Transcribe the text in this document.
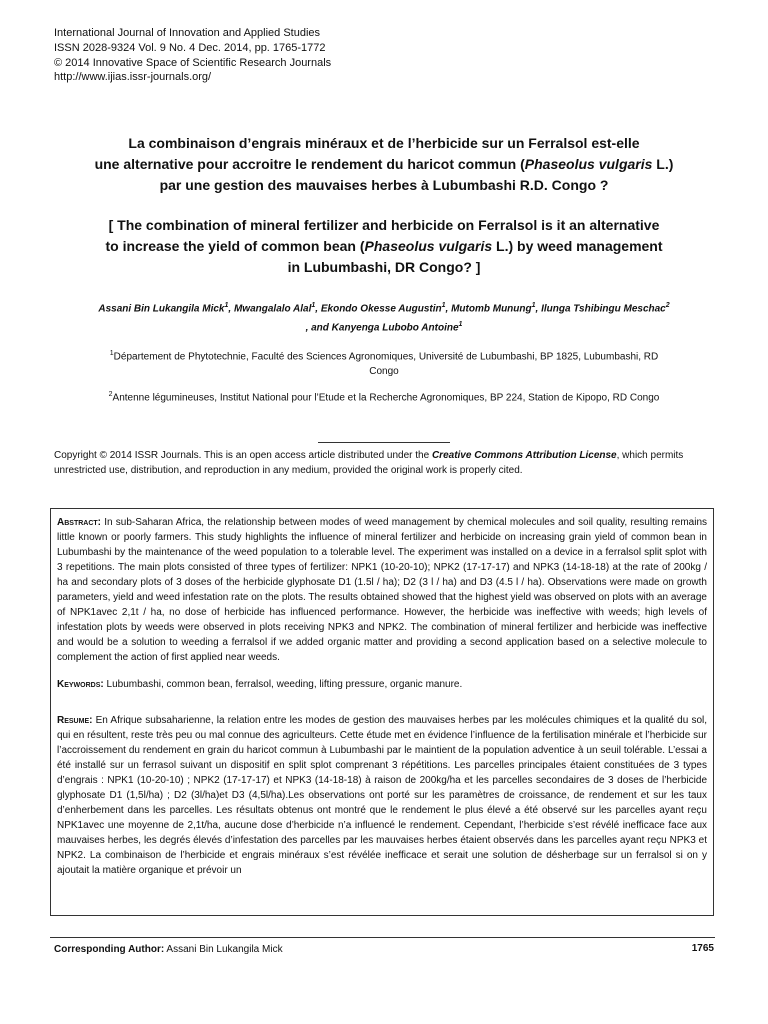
International Journal of Innovation and Applied Studies
ISSN 2028-9324 Vol. 9 No. 4 Dec. 2014, pp. 1765-1772
© 2014 Innovative Space of Scientific Research Journals
http://www.ijias.issr-journals.org/
La combinaison d’engrais minéraux et de l’herbicide sur un Ferralsol est-elle
une alternative pour accroitre le rendement du haricot commun (Phaseolus vulgaris L.)
par une gestion des mauvaises herbes à Lubumbashi R.D. Congo ?
[ The combination of mineral fertilizer and herbicide on Ferralsol is it an alternative
to increase the yield of common bean (Phaseolus vulgaris L.) by weed management
in Lubumbashi, DR Congo? ]
Assani Bin Lukangila Mick$^1$, Mwangalalo Alal$^1$, Ekondo Okesse Augustin$^1$, Mutomb Munung$^1$, Ilunga Tshibingu Meschac$^2$
, and Kanyenga Lubobo Antoine$^1$
$^1$Département de Phytotechnie, Faculté des Sciences Agronomiques, Université de Lubumbashi, BP 1825, Lubumbashi, RD
Congo
$^2$Antenne légumineuses, Institut National pour l’Etude et la Recherche Agronomiques, BP 224, Station de Kipopo, RD Congo
Copyright © 2014 ISSR Journals. This is an open access article distributed under the Creative Commons Attribution License, which permits unrestricted use, distribution, and reproduction in any medium, provided the original work is properly cited.

Abstract: In sub-Saharan Africa, the relationship between modes of weed management by chemical molecules and soil quality, resulting remains little known or poorly farmers. This study highlights the influence of mineral fertilizer and herbicide on increasing grain yield of common bean in Lubumbashi by the maintenance of the weed population to a tolerable level. The experiment was installed on a device in a ferralsol split splot with 3 repetitions. The main plots consisted of three types of fertilizer: NPK1 (10-20-10); NPK2 (17-17-17) and NPK3 (14-18-18) at the rate of 200kg / ha and secondary plots of 3 doses of the herbicide glyphosate D1 (1.5l / ha); D2 (3 l / ha) and D3 (4.5 l / ha). Observations were made on growth parameters, yield and weed infestation rate on the plots. The results obtained showed that the highest yield was observed on plots with an average of NPK1avec 2,1t / ha, no dose of herbicide has influenced performance. However, the herbicide was ineffective with weeds; high levels of infestation plots by weeds were observed in plots receiving NPK3 and NPK2. The combination of mineral fertilizer and herbicide was ineffective and would be a solution to weeding a ferralsol if we added organic matter and providing a second application based on a selective molecule to complement the action of first applied near weeds.

Keywords: Lubumbashi, common bean, ferralsol, weeding, lifting pressure, organic manure.

Resume: En Afrique subsaharienne, la relation entre les modes de gestion des mauvaises herbes par les molécules chimiques et la qualité du sol, qui en résultent, reste très peu ou mal connue des agriculteurs. Cette étude met en évidence l’influence de la fertilisation minérale et l’herbicide sur l’accroissement du rendement en grain du haricot commun à Lubumbashi par le maintient de la population adventice à un seuil tolérable. L’essai a été installé sur un ferrasol suivant un dispositif en split splot comprenant 3 répétitions. Les parcelles principales étaient constituées de 3 types d’engrais : NPK1 (10-20-10) ; NPK2 (17-17-17) et NPK3 (14-18-18) à raison de 200kg/ha et les parcelles secondaires de 3 doses de l’herbicide glyphosate D1 (1,5l/ha) ; D2 (3l/ha)et D3 (4,5l/ha).Les observations ont porté sur les paramètres de croissance, de rendement et sur les taux d’enherbement dans les parcelles. Les résultats obtenus ont montré que le rendement le plus élevé a été observé sur les parcelles ayant reçu NPK1avec une moyenne de 2,1t/ha, aucune dose d’herbicide n’a influencé le rendement. Cependant, l’herbicide s’est révélé inefficace face aux mauvaises herbes, les degrés élevés d’infestation des parcelles par les mauvaises herbes étaient observés dans les parcelles ayant reçu NPK3 et NPK2. La combinaison de l’herbicide et engrais minéraux s’est révélée inefficace et serait une solution de désherbage sur un ferralsol si on y ajoutait la matière organique et prévoir un

Corresponding Author: Assani Bin Lukangila Mick	1765
